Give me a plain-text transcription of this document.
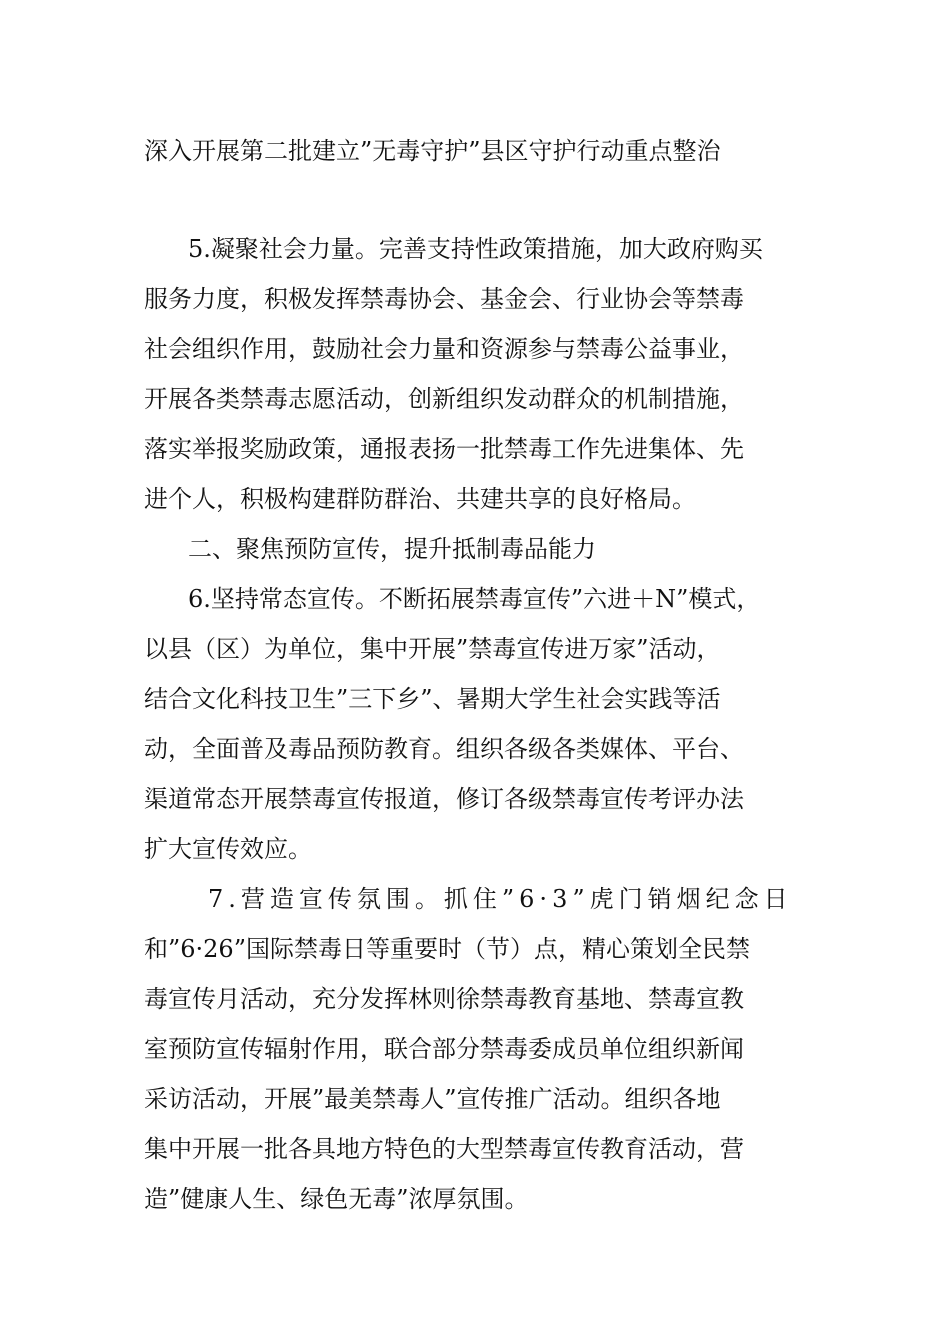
深入开展第二批建立”无毒守护”县区守护行动重点整治

5.凝聚社会力量。完善支持性政策措施，加大政府购买

服务力度，积极发挥禁毒协会、基金会、行业协会等禁毒

社会组织作用，鼓励社会力量和资源参与禁毒公益事业，

开展各类禁毒志愿活动，创新组织发动群众的机制措施，

落实举报奖励政策，通报表扬一批禁毒工作先进集体、先

进个人，积极构建群防群治、共建共享的良好格局。

二、聚焦预防宣传，提升抵制毒品能力

6.坚持常态宣传。不断拓展禁毒宣传”六进＋N”模式，

以县（区）为单位，集中开展”禁毒宣传进万家”活动，

结合文化科技卫生”三下乡”、暑期大学生社会实践等活

动，全面普及毒品预防教育。组织各级各类媒体、平台、

渠道常态开展禁毒宣传报道，修订各级禁毒宣传考评办法

扩大宣传效应。

7.营造宣传氛围。抓住”6·3”虎门销烟纪念日

和”6·26”国际禁毒日等重要时（节）点，精心策划全民禁

毒宣传月活动，充分发挥林则徐禁毒教育基地、禁毒宣教

室预防宣传辐射作用，联合部分禁毒委成员单位组织新闻

采访活动，开展”最美禁毒人”宣传推广活动。组织各地

集中开展一批各具地方特色的大型禁毒宣传教育活动，营

造”健康人生、绿色无毒”浓厚氛围。
